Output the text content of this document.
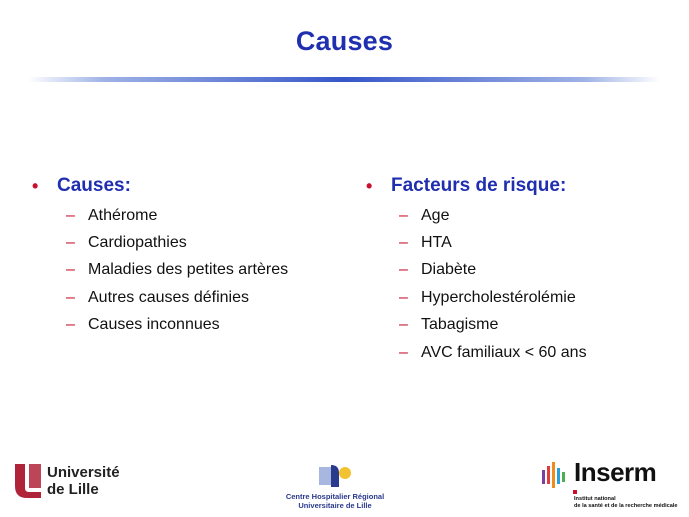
Causes
• Causes:
– Athérome
– Cardiopathies
– Maladies des petites artères
– Autres causes définies
– Causes inconnues
• Facteurs de risque:
– Age
– HTA
– Diabète
– Hypercholestérolémie
– Tabagisme
– AVC familiaux < 60 ans
Université
de Lille	Centre Hospitalier Régional
Universitaire de Lille
Inserm
Institut national
de la santé et de la recherche médicale
